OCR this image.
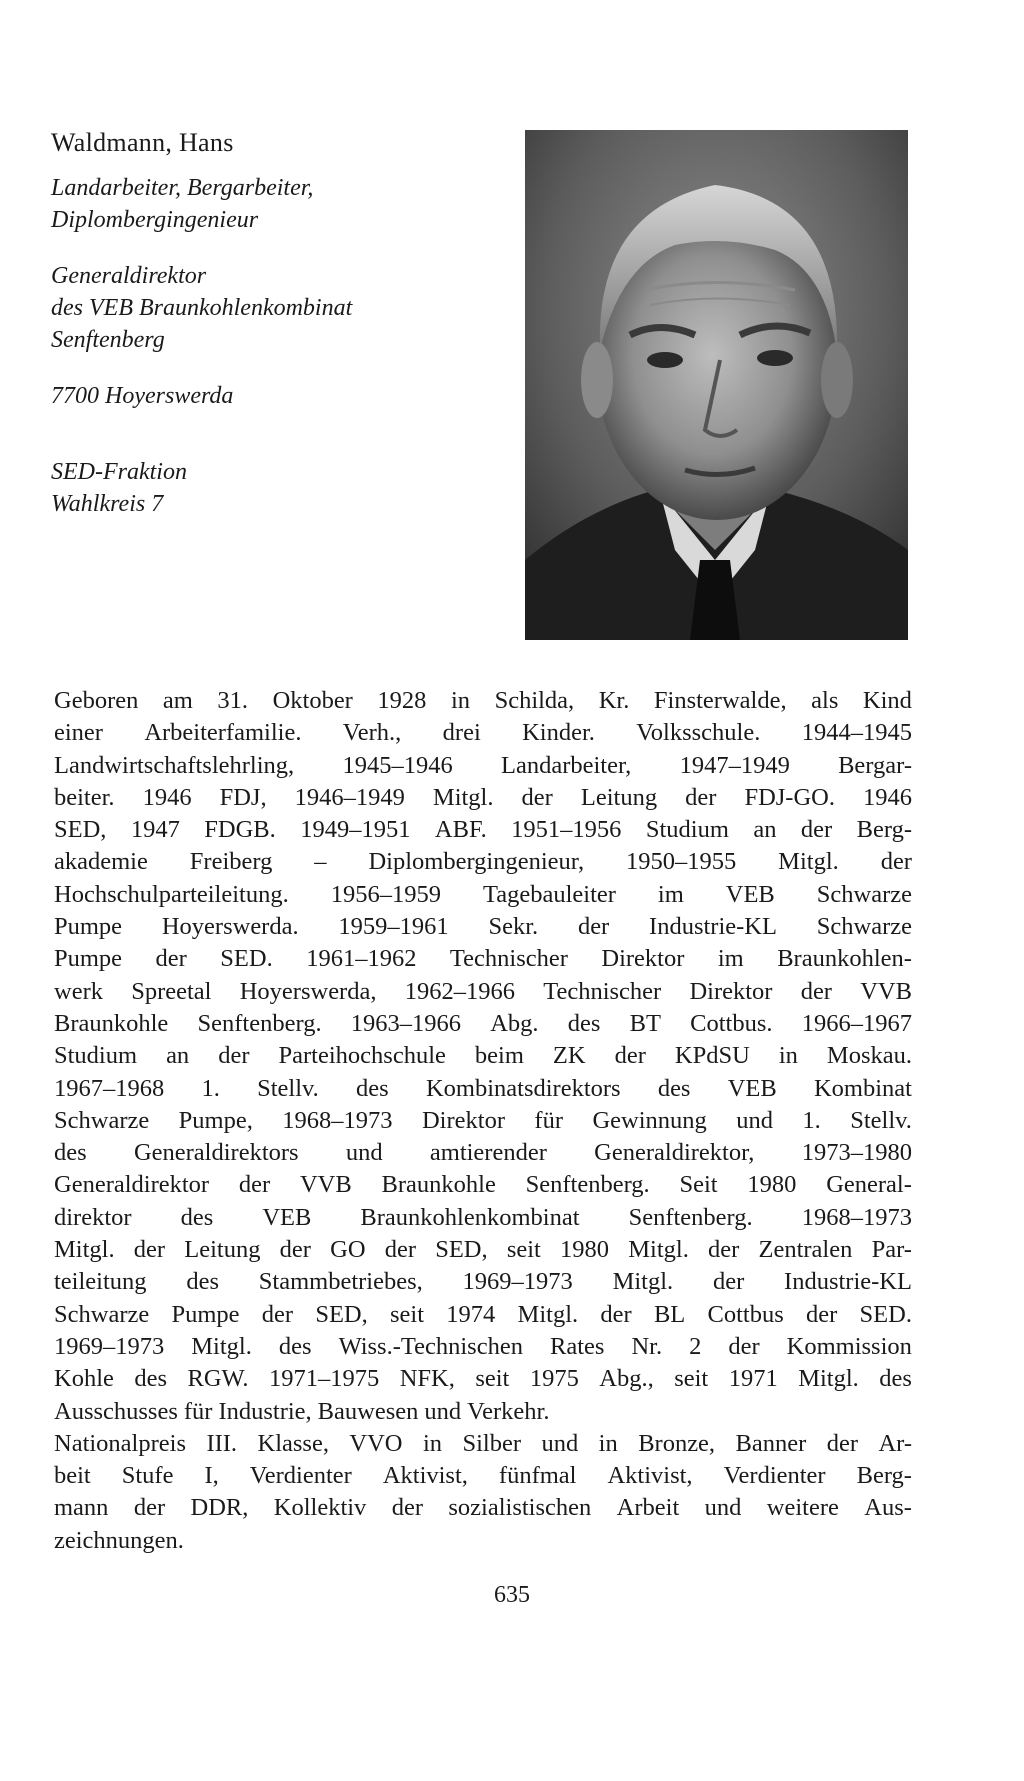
Waldmann, Hans
Landarbeiter, Bergarbeiter,
Diplombergingenieur
Generaldirektor
des VEB Braunkohlenkombinat
Senftenberg
7700 Hoyerswerda
SED-Fraktion
Wahlkreis 7
Geboren am 31. Oktober 1928 in Schilda, Kr. Finsterwalde, als Kind
einer Arbeiterfamilie. Verh., drei Kinder. Volksschule. 1944–1945
Landwirtschaftslehrling, 1945–1946 Landarbeiter, 1947–1949 Bergar-
beiter. 1946 FDJ, 1946–1949 Mitgl. der Leitung der FDJ-GO. 1946
SED, 1947 FDGB. 1949–1951 ABF. 1951–1956 Studium an der Berg-
akademie Freiberg – Diplombergingenieur, 1950–1955 Mitgl. der
Hochschulparteileitung. 1956–1959 Tagebauleiter im VEB Schwarze
Pumpe Hoyerswerda. 1959–1961 Sekr. der Industrie-KL Schwarze
Pumpe der SED. 1961–1962 Technischer Direktor im Braunkohlen-
werk Spreetal Hoyerswerda, 1962–1966 Technischer Direktor der VVB
Braunkohle Senftenberg. 1963–1966 Abg. des BT Cottbus. 1966–1967
Studium an der Parteihochschule beim ZK der KPdSU in Moskau.
1967–1968 1. Stellv. des Kombinatsdirektors des VEB Kombinat
Schwarze Pumpe, 1968–1973 Direktor für Gewinnung und 1. Stellv.
des Generaldirektors und amtierender Generaldirektor, 1973–1980
Generaldirektor der VVB Braunkohle Senftenberg. Seit 1980 General-
direktor des VEB Braunkohlenkombinat Senftenberg. 1968–1973
Mitgl. der Leitung der GO der SED, seit 1980 Mitgl. der Zentralen Par-
teileitung des Stammbetriebes, 1969–1973 Mitgl. der Industrie-KL
Schwarze Pumpe der SED, seit 1974 Mitgl. der BL Cottbus der SED.
1969–1973 Mitgl. des Wiss.-Technischen Rates Nr. 2 der Kommission
Kohle des RGW. 1971–1975 NFK, seit 1975 Abg., seit 1971 Mitgl. des
Ausschusses für Industrie, Bauwesen und Verkehr.
Nationalpreis III. Klasse, VVO in Silber und in Bronze, Banner der Ar-
beit Stufe I, Verdienter Aktivist, fünfmal Aktivist, Verdienter Berg-
mann der DDR, Kollektiv der sozialistischen Arbeit und weitere Aus-
zeichnungen.
635
